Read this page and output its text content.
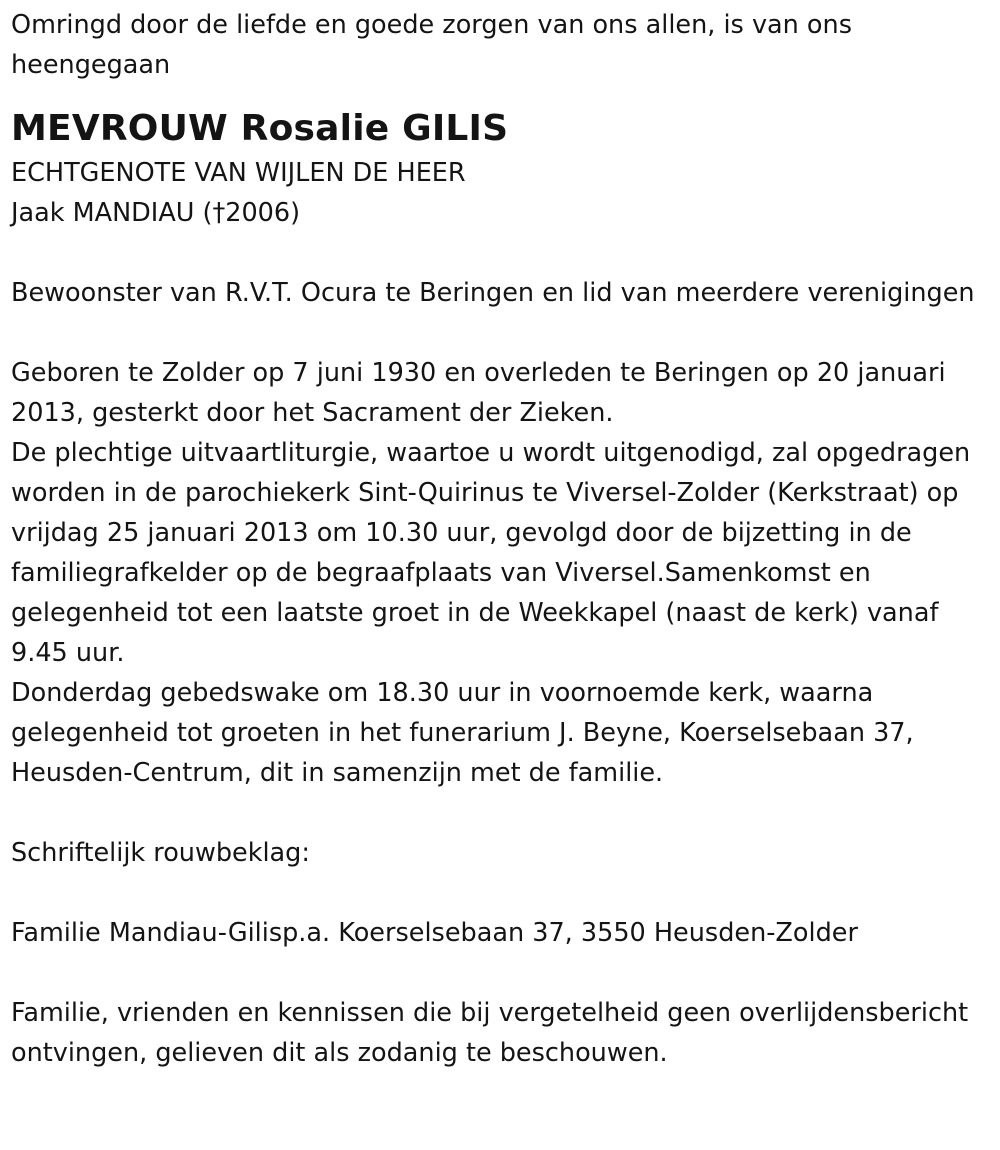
Omringd door de liefde en goede zorgen van ons allen, is van ons heengegaan

MEVROUW Rosalie GILIS

ECHTGENOTE VAN WIJLEN DE HEER

Jaak MANDIAU (†2006)

Bewoonster van R.V.T. Ocura te Beringen en lid van meerdere verenigingen

Geboren te Zolder op 7 juni 1930 en overleden te Beringen op 20 januari 2013, gesterkt door het Sacrament der Zieken.

De plechtige uitvaartliturgie, waartoe u wordt uitgenodigd, zal opgedragen worden in de parochiekerk Sint-Quirinus te Viversel-Zolder (Kerkstraat) op vrijdag 25 januari 2013 om 10.30 uur, gevolgd door de bijzetting in de familiegrafkelder op de begraafplaats van Viversel.Samenkomst en gelegenheid tot een laatste groet in de Weekkapel (naast de kerk) vanaf 9.45 uur.

Donderdag gebedswake om 18.30 uur in voornoemde kerk, waarna gelegenheid tot groeten in het funerarium J. Beyne, Koerselsebaan 37, Heusden-Centrum, dit in samenzijn met de familie.

Schriftelijk rouwbeklag:

Familie Mandiau-Gilisp.a. Koerselsebaan 37, 3550 Heusden-Zolder

Familie, vrienden en kennissen die bij vergetelheid geen overlijdensbericht ontvingen, gelieven dit als zodanig te beschouwen.
